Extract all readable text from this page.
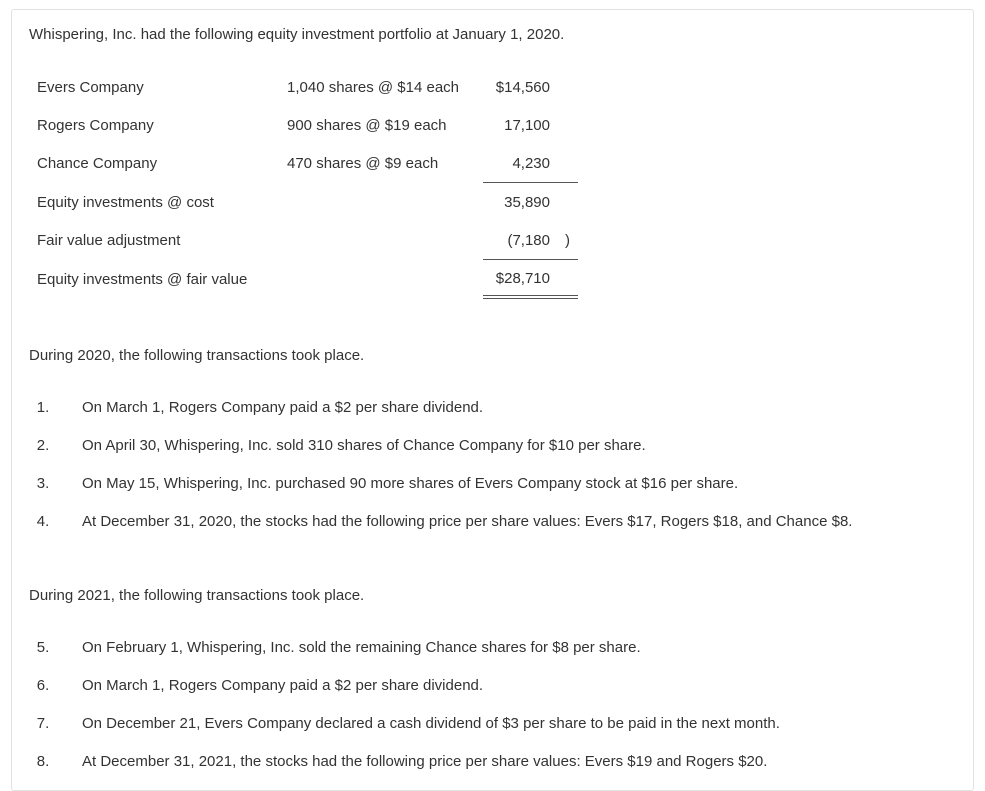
Whispering, Inc. had the following equity investment portfolio at January 1, 2020.
Evers Company	1,040 shares @ $14 each	$14,560
Rogers Company	900 shares @ $19 each	17,100
Chance Company	470 shares @ $9 each	4,230
Equity investments @ cost	35,890
Fair value adjustment	(7,180 )
Equity investments @ fair value	$28,710
During 2020, the following transactions took place.
1. On March 1, Rogers Company paid a $2 per share dividend.
2. On April 30, Whispering, Inc. sold 310 shares of Chance Company for $10 per share.
3. On May 15, Whispering, Inc. purchased 90 more shares of Evers Company stock at $16 per share.
4. At December 31, 2020, the stocks had the following price per share values: Evers $17, Rogers $18, and Chance $8.
During 2021, the following transactions took place.
5. On February 1, Whispering, Inc. sold the remaining Chance shares for $8 per share.
6. On March 1, Rogers Company paid a $2 per share dividend.
7. On December 21, Evers Company declared a cash dividend of $3 per share to be paid in the next month.
8. At December 31, 2021, the stocks had the following price per share values: Evers $19 and Rogers $20.
